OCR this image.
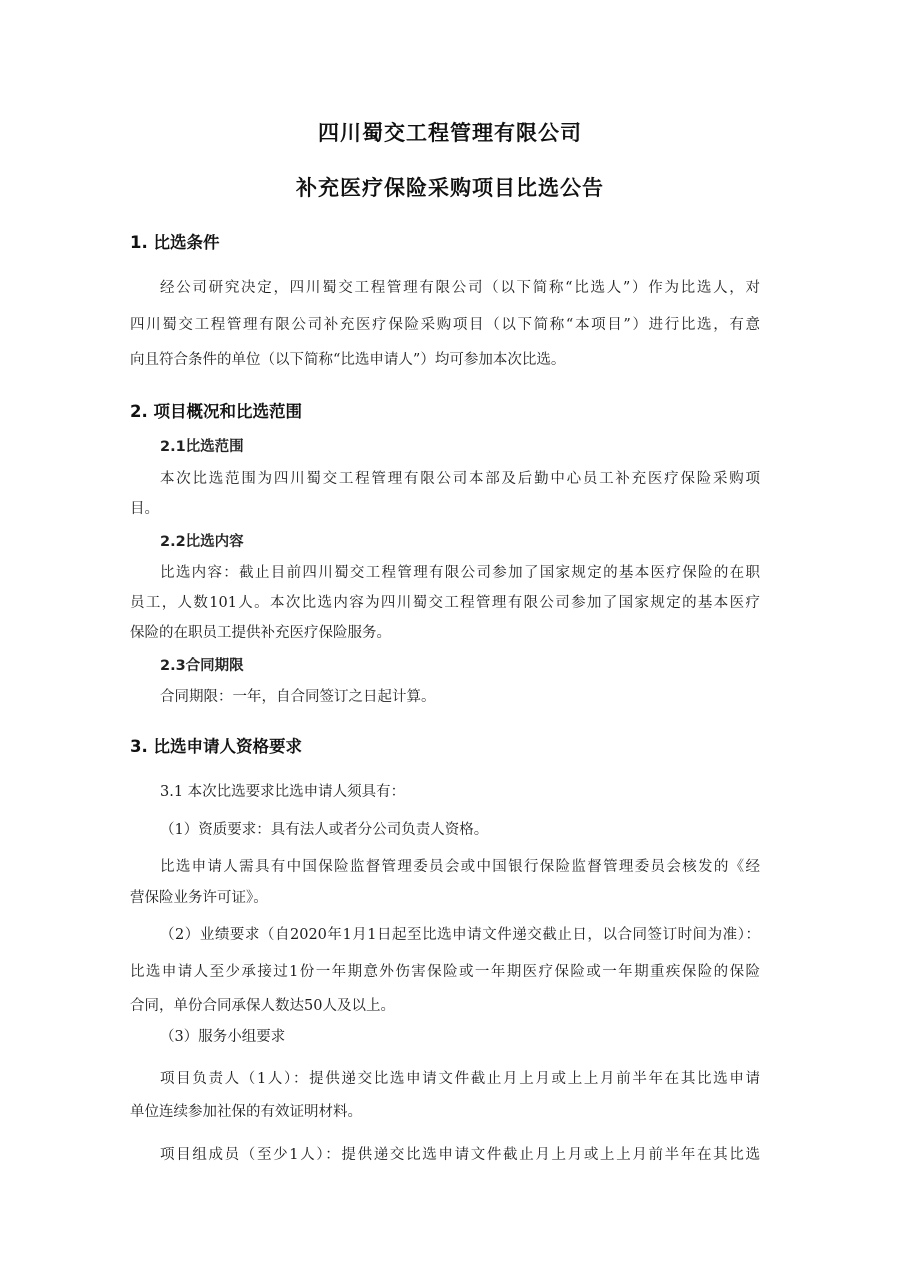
四川蜀交工程管理有限公司
补充医疗保险采购项目比选公告
1. 比选条件
经公司研究决定，四川蜀交工程管理有限公司（以下简称“比选人”）作为比选人，对
四川蜀交工程管理有限公司补充医疗保险采购项目（以下简称“本项目”）进行比选，有意
向且符合条件的单位（以下简称“比选申请人”）均可参加本次比选。
2. 项目概况和比选范围
2.1比选范围
本次比选范围为四川蜀交工程管理有限公司本部及后勤中心员工补充医疗保险采购项
目。
2.2比选内容
比选内容：截止目前四川蜀交工程管理有限公司参加了国家规定的基本医疗保险的在职
员工，人数101人。本次比选内容为四川蜀交工程管理有限公司参加了国家规定的基本医疗
保险的在职员工提供补充医疗保险服务。
2.3合同期限
合同期限：一年，自合同签订之日起计算。
3. 比选申请人资格要求
3.1 本次比选要求比选申请人须具有：
（1）资质要求：具有法人或者分公司负责人资格。
比选申请人需具有中国保险监督管理委员会或中国银行保险监督管理委员会核发的《经
营保险业务许可证》。
（2）业绩要求（自2020年1月1日起至比选申请文件递交截止日，以合同签订时间为准）：
比选申请人至少承接过1份一年期意外伤害保险或一年期医疗保险或一年期重疾保险的保险
合同，单份合同承保人数达50人及以上。
（3）服务小组要求
项目负责人（1人）：提供递交比选申请文件截止月上月或上上月前半年在其比选申请
单位连续参加社保的有效证明材料。
项目组成员（至少1人）：提供递交比选申请文件截止月上月或上上月前半年在其比选
